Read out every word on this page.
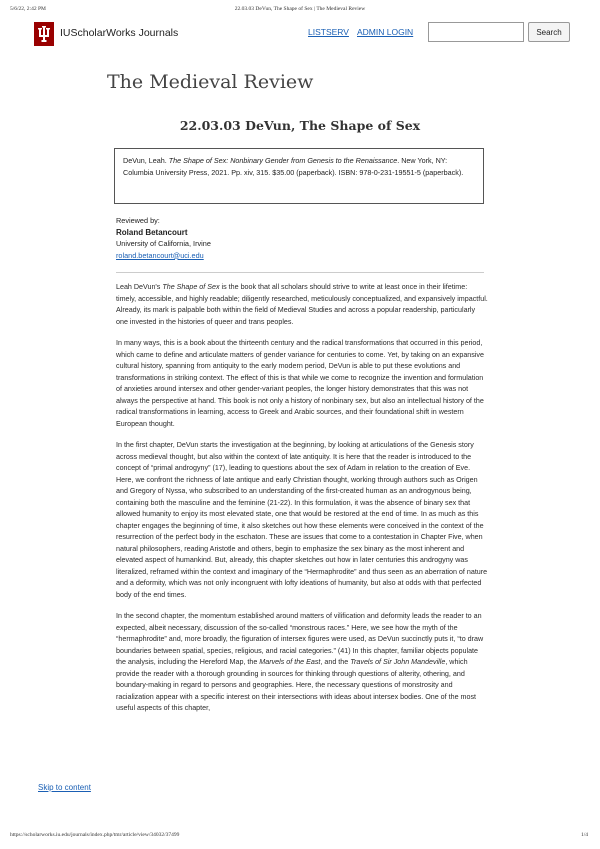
5/6/22, 2:42 PM	22.03.03 DeVun, The Shape of Sex | The Medieval Review
IUScholarWorks Journals	LISTSERV ADMIN LOGIN	Search
The Medieval Review
22.03.03 DeVun, The Shape of Sex
DeVun, Leah. The Shape of Sex: Nonbinary Gender from Genesis to the Renaissance. New York, NY: Columbia University Press, 2021. Pp. xiv, 315. $35.00 (paperback). ISBN: 978-0-231-19551-5 (paperback).
Reviewed by:
Roland Betancourt
University of California, Irvine
roland.betancourt@uci.edu

Leah DeVun's The Shape of Sex is the book that all scholars should strive to write at least once in their lifetime: timely, accessible, and highly readable; diligently researched, meticulously conceptualized, and expansively impactful. Already, its mark is palpable both within the field of Medieval Studies and across a popular readership, particularly one invested in the histories of queer and trans peoples.

In many ways, this is a book about the thirteenth century and the radical transformations that occurred in this period, which came to define and articulate matters of gender variance for centuries to come. Yet, by taking on an expansive cultural history, spanning from antiquity to the early modern period, DeVun is able to put these evolutions and transformations in striking context. The effect of this is that while we come to recognize the invention and formulation of anxieties around intersex and other gender-variant peoples, the longer history demonstrates that this was not always the perspective at hand. This book is not only a history of nonbinary sex, but also an intellectual history of the radical transformations in learning, access to Greek and Arabic sources, and their foundational shift in western European thought.

In the first chapter, DeVun starts the investigation at the beginning, by looking at articulations of the Genesis story across medieval thought, but also within the context of late antiquity. It is here that the reader is introduced to the concept of “primal androgyny” (17), leading to questions about the sex of Adam in relation to the creation of Eve. Here, we confront the richness of late antique and early Christian thought, working through authors such as Origen and Gregory of Nyssa, who subscribed to an understanding of the first-created human as an androgynous being, containing both the masculine and the feminine (21-22). In this formulation, it was the absence of binary sex that allowed humanity to enjoy its most elevated state, one that would be restored at the end of time. In as much as this chapter engages the beginning of time, it also sketches out how these elements were conceived in the context of the resurrection of the perfect body in the eschaton. These are issues that come to a contestation in Chapter Five, when natural philosophers, reading Aristotle and others, begin to emphasize the sex binary as the most inherent and elevated aspect of humankind. But, already, this chapter sketches out how in later centuries this androgyny was literalized, reframed within the context and imaginary of the “Hermaphrodite” and thus seen as an aberration of nature and a deformity, which was not only incongruent with lofty ideations of humanity, but also at odds with that perfected body of the end times.

In the second chapter, the momentum established around matters of vilification and deformity leads the reader to an expected, albeit necessary, discussion of the so-called “monstrous races.” Here, we see how the myth of the “hermaphrodite” and, more broadly, the figuration of intersex figures were used, as DeVun succinctly puts it, “to draw boundaries between spatial, species, religious, and racial categories.” (41) In this chapter, familiar objects populate the analysis, including the Hereford Map, the Marvels of the East, and the Travels of Sir John Mandeville, which provide the reader with a thorough grounding in sources for thinking through questions of alterity, othering, and boundary-making in regard to persons and geographies. Here, the necessary questions of monstrosity and racialization appear with a specific interest on their intersections with ideas about intersex bodies. One of the most useful aspects of this chapter,

Skip to content
https://scholarworks.iu.edu/journals/index.php/tmr/article/view/34032/37499	1/4
